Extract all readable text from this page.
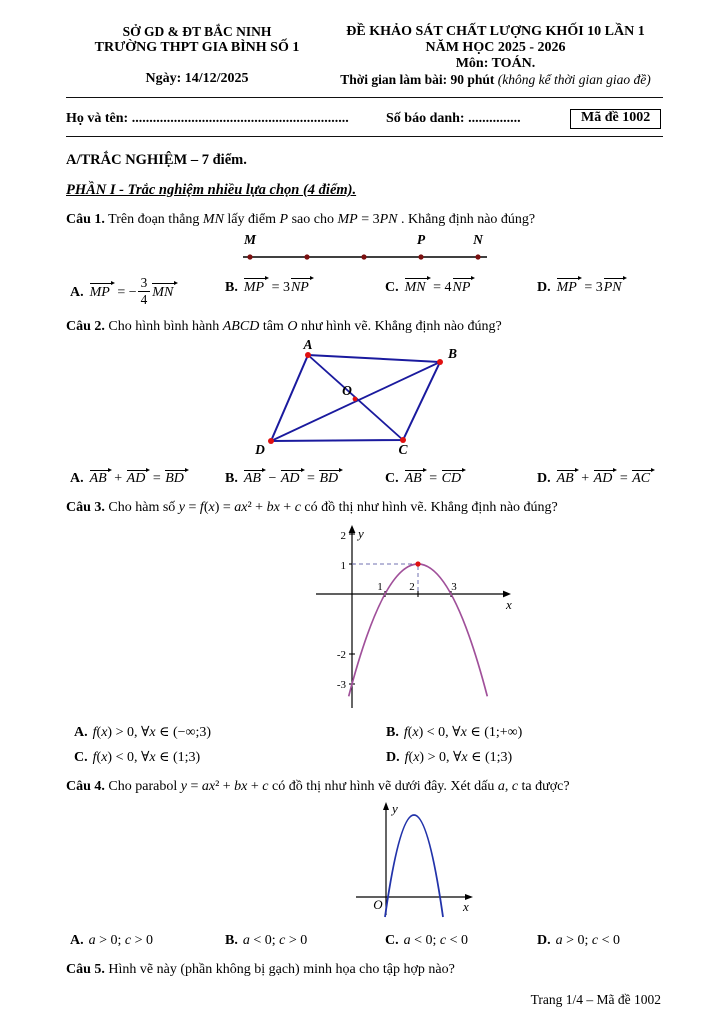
SỞ GD & ĐT BẮC NINH
TRƯỜNG THPT GIA BÌNH SỐ 1
Ngày: 14/12/2025
ĐỀ KHẢO SÁT CHẤT LƯỢNG KHỐI 10 LẦN 1
NĂM HỌC 2025 - 2026
Môn: TOÁN.
Thời gian làm bài: 90 phút (không kể thời gian giao đề)
Họ và tên: ..............................................................	Số báo danh: ...............	Mã đề 1002
A/TRẮC NGHIỆM – 7 điểm.
PHẦN I - Trắc nghiệm nhiều lựa chọn (4 điểm).

Câu 1. Trên đoạn thẳng MN lấy điểm P sao cho MP = 3PN . Khẳng định nào đúng?

M	P	N
A. MP = − $\frac{3}{4}$ MN	B. MP = 3NP	C. MN = 4NP	D. MP = 3PN

Câu 2. Cho hình bình hành ABCD tâm O như hình vẽ. Khẳng định nào đúng?

A
B
C
D
O
A. AB + AD = BD	B. AB − AD = BD	C. AB = CD	D. AB + AD = AC

Câu 3. Cho hàm số y = f(x) = ax² + bx + c có đồ thị như hình vẽ. Khẳng định nào đúng?

y
x
1 2	3
2
1
-2
-3
A. f(x) > 0, ∀x ∈ (−∞;3)	B. f(x) < 0, ∀x ∈ (1;+∞)
C. f(x) < 0, ∀x ∈ (1;3)	D. f(x) > 0, ∀x ∈ (1;3)

Câu 4. Cho parabol y = ax² + bx + c có đồ thị như hình vẽ dưới đây. Xét dấu a, c ta được?

y
x
O
A. a > 0; c > 0	B. a < 0; c > 0	C. a < 0; c < 0	D. a > 0; c < 0

Câu 5. Hình vẽ này (phần không bị gạch) minh họa cho tập hợp nào?

Trang 1/4 – Mã đề 1002
